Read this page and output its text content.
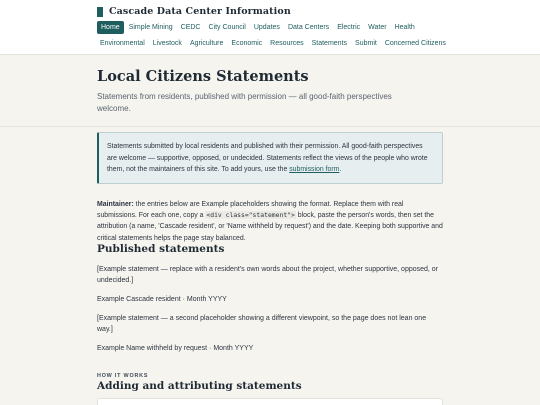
Cascade Data Center Information
Home	Simple Mining	CEDC	City Council	Updates	Data Centers	Electric	Water	Health
Environmental	Livestock	Agriculture	Economic	Resources	Statements	Submit	Concerned Citizens
Local Citizens Statements

Statements from residents, published with permission — all good-faith perspectives welcome.

Statements submitted by local residents and published with their permission. All good-faith perspectives are welcome — supportive, opposed, or undecided. Statements reflect the views of the people who wrote them, not the maintainers of this site. To add yours, use the submission form.

Maintainer: the entries below are Example placeholders showing the format. Replace them with real submissions. For each one, copy a <div class="statement"> block, paste the person's words, then set the attribution (a name, 'Cascade resident', or 'Name withheld by request') and the date. Keeping both supportive and critical statements helps the page stay balanced.

Published statements

[Example statement — replace with a resident's own words about the project, whether supportive, opposed, or undecided.]

Example Cascade resident · Month YYYY

[Example statement — a second placeholder showing a different viewpoint, so the page does not lean one way.]

Example Name withheld by request · Month YYYY

HOW IT WORKS
Adding and attributing statements
